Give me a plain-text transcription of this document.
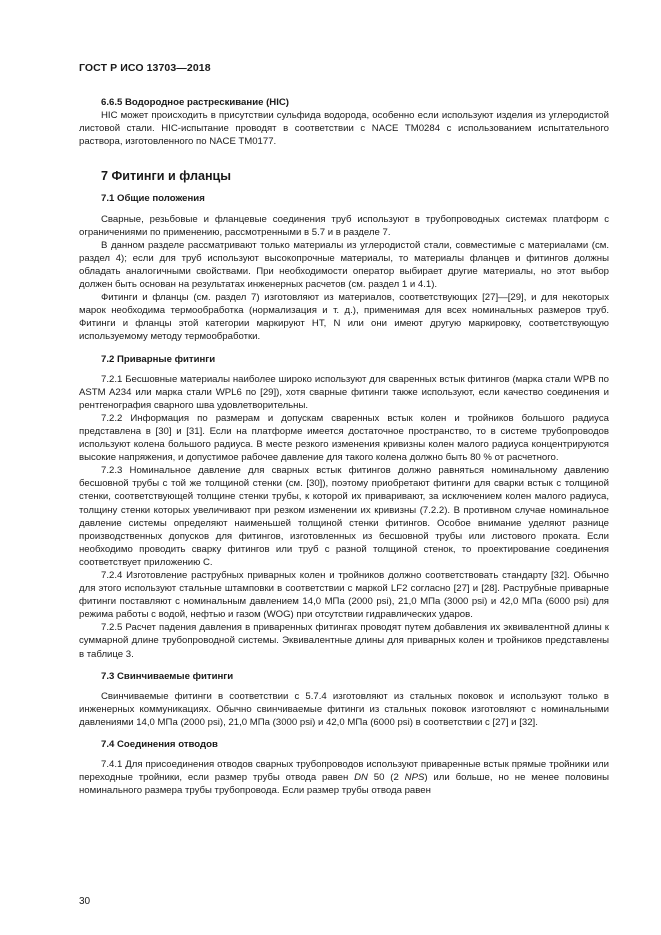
ГОСТ Р ИСО 13703—2018

6.6.5 Водородное растрескивание (HIC)

HIC может происходить в присутствии сульфида водорода, особенно если используют изделия из углеродистой листовой стали. HIC-испытание проводят в соответствии с NACE TM0284 с использованием испытательного раствора, изготовленного по NACE TM0177.

7 Фитинги и фланцы

7.1 Общие положения

Сварные, резьбовые и фланцевые соединения труб используют в трубопроводных системах платформ с ограничениями по применению, рассмотренными в 5.7 и в разделе 7.

В данном разделе рассматривают только материалы из углеродистой стали, совместимые с материалами (см. раздел 4); если для труб используют высокопрочные материалы, то материалы фланцев и фитингов должны обладать аналогичными свойствами. При необходимости оператор выбирает другие материалы, но этот выбор должен быть основан на результатах инженерных расчетов (см. раздел 1 и 4.1).

Фитинги и фланцы (см. раздел 7) изготовляют из материалов, соответствующих [27]—[29], и для некоторых марок необходима термообработка (нормализация и т. д.), применимая для всех номинальных размеров труб. Фитинги и фланцы этой категории маркируют HT, N или они имеют другую маркировку, соответствующую используемому методу термообработки.

7.2 Приварные фитинги

7.2.1 Бесшовные материалы наиболее широко используют для сваренных встык фитингов (марка стали WPB по ASTM A234 или марка стали WPL6 по [29]), хотя сварные фитинги также используют, если качество соединения и рентгенография сварного шва удовлетворительны.

7.2.2 Информация по размерам и допускам сваренных встык колен и тройников большого радиуса представлена в [30] и [31]. Если на платформе имеется достаточное пространство, то в системе трубопроводов используют колена большого радиуса. В месте резкого изменения кривизны колен малого радиуса концентрируются высокие напряжения, и допустимое рабочее давление для такого колена должно быть 80 % от расчетного.

7.2.3 Номинальное давление для сварных встык фитингов должно равняться номинальному давлению бесшовной трубы с той же толщиной стенки (см. [30]), поэтому приобретают фитинги для сварки встык с толщиной стенки, соответствующей толщине стенки трубы, к которой их приваривают, за исключением колен малого радиуса, толщину стенки которых увеличивают при резком изменении их кривизны (7.2.2). В противном случае номинальное давление системы определяют наименьшей толщиной стенки фитингов. Особое внимание уделяют разнице производственных допусков для фитингов, изготовленных из бесшовной трубы или листового проката. Если необходимо проводить сварку фитингов или труб с разной толщиной стенок, то проектирование соединения соответствует приложению С.

7.2.4 Изготовление раструбных приварных колен и тройников должно соответствовать стандарту [32]. Обычно для этого используют стальные штамповки в соответствии с маркой LF2 согласно [27] и [28]. Раструбные приварные фитинги поставляют с номинальным давлением 14,0 МПа (2000 psi), 21,0 МПа (3000 psi) и 42,0 МПа (6000 psi) для режима работы с водой, нефтью и газом (WOG) при отсутствии гидравлических ударов.

7.2.5 Расчет падения давления в приваренных фитингах проводят путем добавления их эквивалентной длины к суммарной длине трубопроводной системы. Эквивалентные длины для приварных колен и тройников представлены в таблице 3.

7.3 Свинчиваемые фитинги

Свинчиваемые фитинги в соответствии с 5.7.4 изготовляют из стальных поковок и используют только в инженерных коммуникациях. Обычно свинчиваемые фитинги из стальных поковок изготовляют с номинальными давлениями 14,0 МПа (2000 psi), 21,0 МПа (3000 psi) и 42,0 МПа (6000 psi) в соответствии с [27] и [32].

7.4 Соединения отводов

7.4.1 Для присоединения отводов сварных трубопроводов используют приваренные встык прямые тройники или переходные тройники, если размер трубы отвода равен DN 50 (2 NPS) или больше, но не менее половины номинального размера трубы трубопровода. Если размер трубы отвода равен

30
